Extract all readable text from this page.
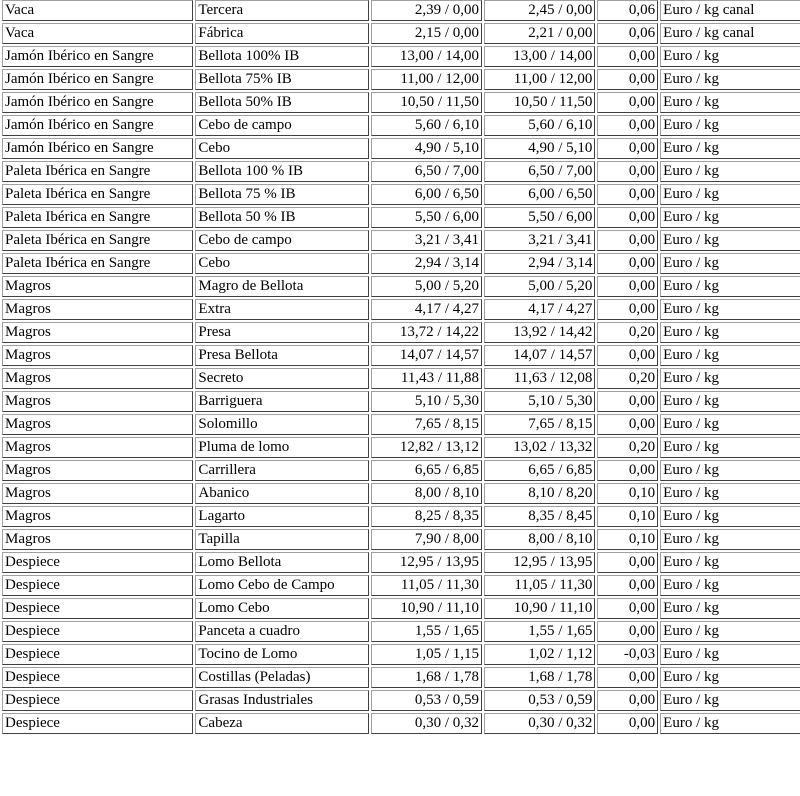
Vaca	Tercera	2,39 / 0,00	2,45 / 0,00	0,06	Euro / kg canal
Vaca	Fábrica	2,15 / 0,00	2,21 / 0,00	0,06	Euro / kg canal
Jamón Ibérico en Sangre	Bellota 100% IB	13,00 / 14,00	13,00 / 14,00	0,00	Euro / kg
Jamón Ibérico en Sangre	Bellota 75% IB	11,00 / 12,00	11,00 / 12,00	0,00	Euro / kg
Jamón Ibérico en Sangre	Bellota 50% IB	10,50 / 11,50	10,50 / 11,50	0,00	Euro / kg
Jamón Ibérico en Sangre	Cebo de campo	5,60 / 6,10	5,60 / 6,10	0,00	Euro / kg
Jamón Ibérico en Sangre	Cebo	4,90 / 5,10	4,90 / 5,10	0,00	Euro / kg
Paleta Ibérica en Sangre	Bellota 100 % IB	6,50 / 7,00	6,50 / 7,00	0,00	Euro / kg
Paleta Ibérica en Sangre	Bellota 75 % IB	6,00 / 6,50	6,00 / 6,50	0,00	Euro / kg
Paleta Ibérica en Sangre	Bellota 50 % IB	5,50 / 6,00	5,50 / 6,00	0,00	Euro / kg
Paleta Ibérica en Sangre	Cebo de campo	3,21 / 3,41	3,21 / 3,41	0,00	Euro / kg
Paleta Ibérica en Sangre	Cebo	2,94 / 3,14	2,94 / 3,14	0,00	Euro / kg
Magros	Magro de Bellota	5,00 / 5,20	5,00 / 5,20	0,00	Euro / kg
Magros	Extra	4,17 / 4,27	4,17 / 4,27	0,00	Euro / kg
Magros	Presa	13,72 / 14,22	13,92 / 14,42	0,20	Euro / kg
Magros	Presa Bellota	14,07 / 14,57	14,07 / 14,57	0,00	Euro / kg
Magros	Secreto	11,43 / 11,88	11,63 / 12,08	0,20	Euro / kg
Magros	Barriguera	5,10 / 5,30	5,10 / 5,30	0,00	Euro / kg
Magros	Solomillo	7,65 / 8,15	7,65 / 8,15	0,00	Euro / kg
Magros	Pluma de lomo	12,82 / 13,12	13,02 / 13,32	0,20	Euro / kg
Magros	Carrillera	6,65 / 6,85	6,65 / 6,85	0,00	Euro / kg
Magros	Abanico	8,00 / 8,10	8,10 / 8,20	0,10	Euro / kg
Magros	Lagarto	8,25 / 8,35	8,35 / 8,45	0,10	Euro / kg
Magros	Tapilla	7,90 / 8,00	8,00 / 8,10	0,10	Euro / kg
Despiece	Lomo Bellota	12,95 / 13,95	12,95 / 13,95	0,00	Euro / kg
Despiece	Lomo Cebo de Campo	11,05 / 11,30	11,05 / 11,30	0,00	Euro / kg
Despiece	Lomo Cebo	10,90 / 11,10	10,90 / 11,10	0,00	Euro / kg
Despiece	Panceta a cuadro	1,55 / 1,65	1,55 / 1,65	0,00	Euro / kg
Despiece	Tocino de Lomo	1,05 / 1,15	1,02 / 1,12	-0,03	Euro / kg
Despiece	Costillas (Peladas)	1,68 / 1,78	1,68 / 1,78	0,00	Euro / kg
Despiece	Grasas Industriales	0,53 / 0,59	0,53 / 0,59	0,00	Euro / kg
Despiece	Cabeza	0,30 / 0,32	0,30 / 0,32	0,00	Euro / kg
